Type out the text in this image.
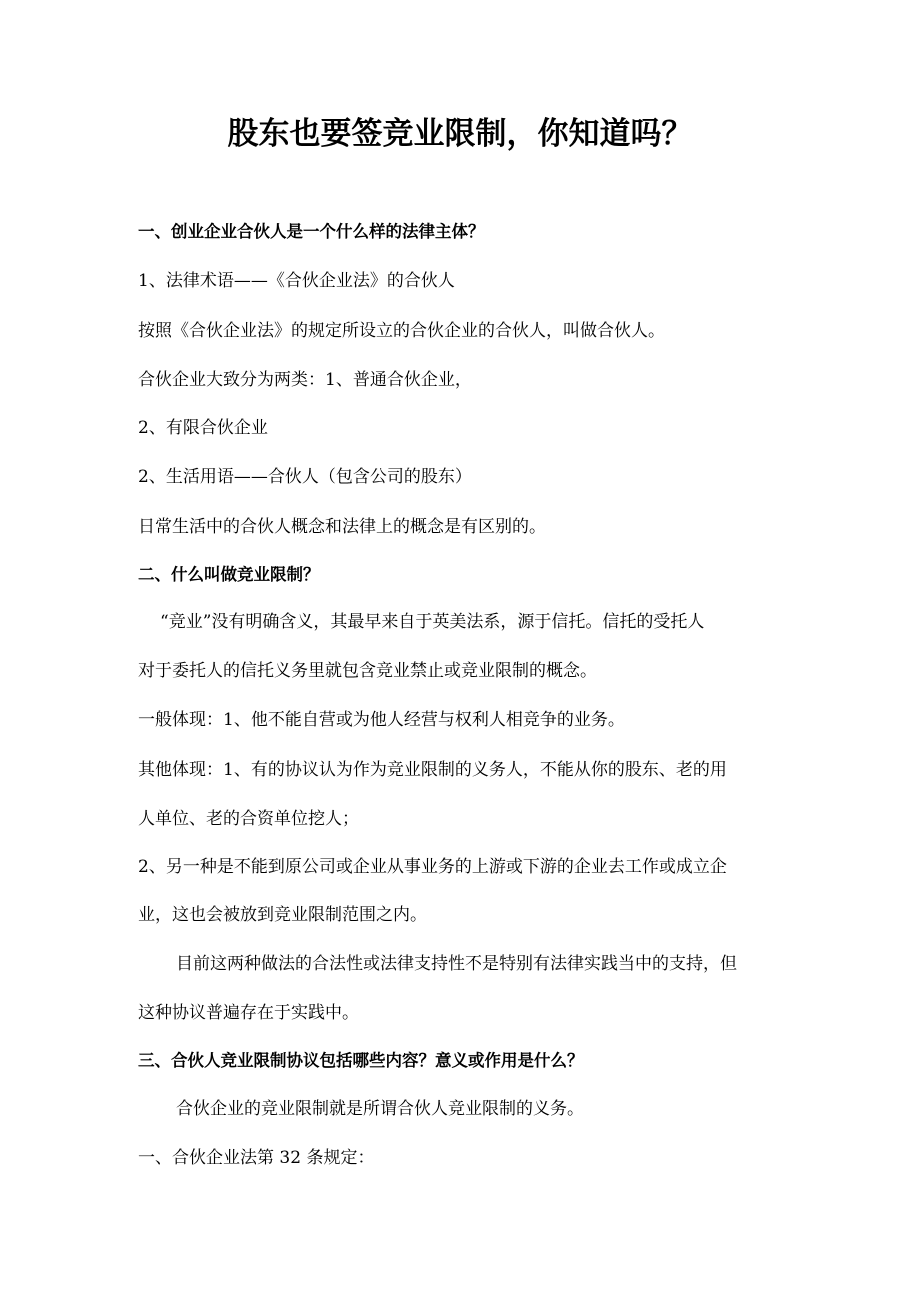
股东也要签竞业限制，你知道吗？

一、创业企业合伙人是一个什么样的法律主体？

1、法律术语——《合伙企业法》的合伙人

按照《合伙企业法》的规定所设立的合伙企业的合伙人，叫做合伙人。

合伙企业大致分为两类：1、普通合伙企业，

2、有限合伙企业

2、生活用语——合伙人（包含公司的股东）

日常生活中的合伙人概念和法律上的概念是有区别的。

二、什么叫做竞业限制？

“竞业”没有明确含义，其最早来自于英美法系，源于信托。信托的受托人

对于委托人的信托义务里就包含竞业禁止或竞业限制的概念。

一般体现：1、他不能自营或为他人经营与权利人相竞争的业务。

其他体现：1、有的协议认为作为竞业限制的义务人，不能从你的股东、老的用

人单位、老的合资单位挖人；

2、另一种是不能到原公司或企业从事业务的上游或下游的企业去工作或成立企

业，这也会被放到竞业限制范围之内。

目前这两种做法的合法性或法律支持性不是特别有法律实践当中的支持，但

这种协议普遍存在于实践中。

三、合伙人竞业限制协议包括哪些内容？意义或作用是什么？

合伙企业的竞业限制就是所谓合伙人竞业限制的义务。

一、合伙企业法第 32 条规定：
